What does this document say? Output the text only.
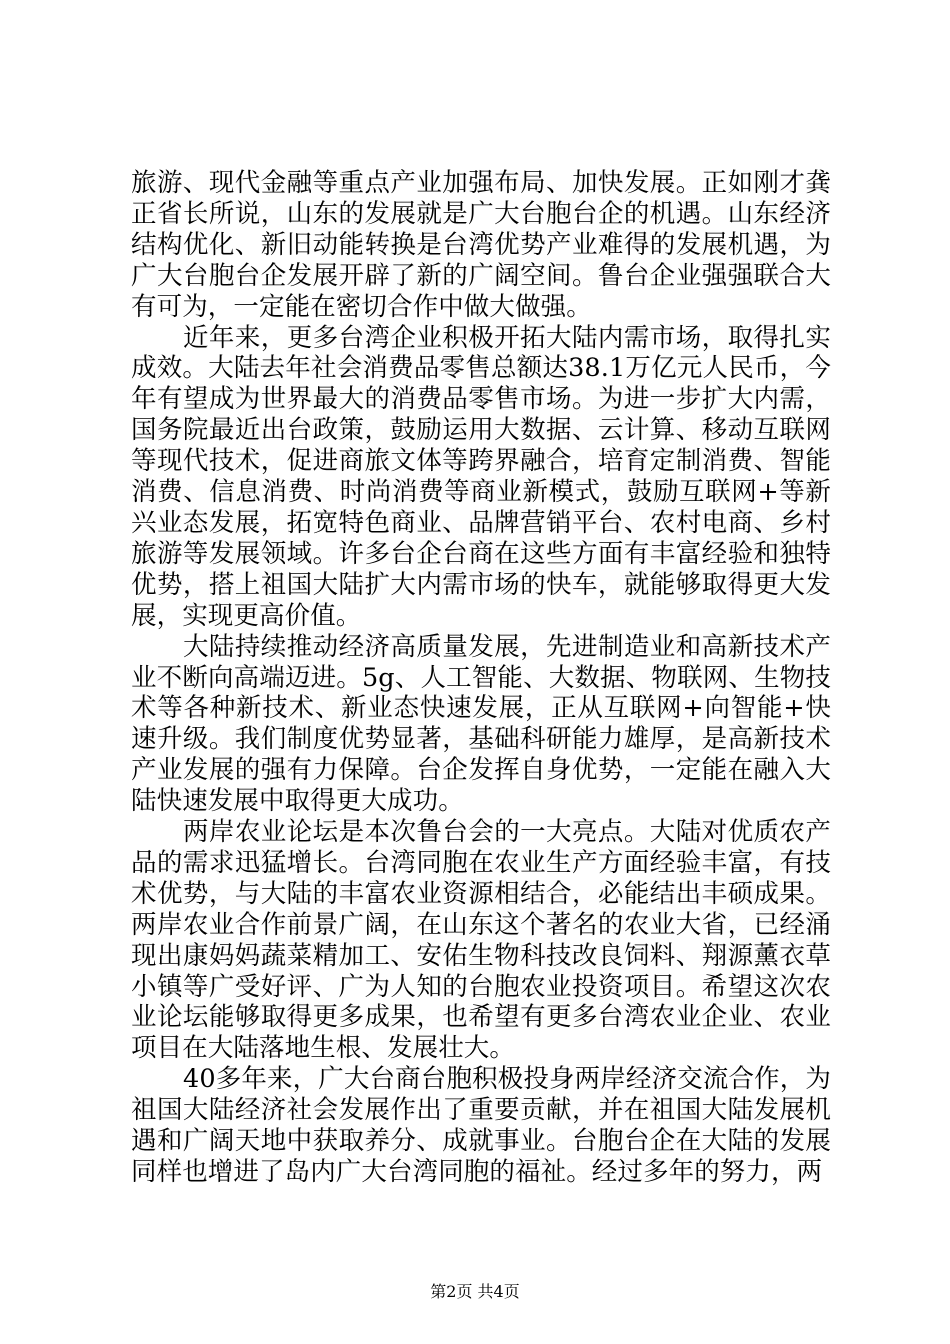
旅游、现代金融等重点产业加强布局、加快发展。正如刚才龚正省长所说，山东的发展就是广大台胞台企的机遇。山东经济结构优化、新旧动能转换是台湾优势产业难得的发展机遇，为广大台胞台企发展开辟了新的广阔空间。鲁台企业强强联合大有可为，一定能在密切合作中做大做强。

近年来，更多台湾企业积极开拓大陆内需市场，取得扎实成效。大陆去年社会消费品零售总额达38.1万亿元人民币，今年有望成为世界最大的消费品零售市场。为进一步扩大内需，国务院最近出台政策，鼓励运用大数据、云计算、移动互联网等现代技术，促进商旅文体等跨界融合，培育定制消费、智能消费、信息消费、时尚消费等商业新模式，鼓励互联网+等新兴业态发展，拓宽特色商业、品牌营销平台、农村电商、乡村旅游等发展领域。许多台企台商在这些方面有丰富经验和独特优势，搭上祖国大陆扩大内需市场的快车，就能够取得更大发展，实现更高价值。

大陆持续推动经济高质量发展，先进制造业和高新技术产业不断向高端迈进。5g、人工智能、大数据、物联网、生物技术等各种新技术、新业态快速发展，正从互联网+向智能+快速升级。我们制度优势显著，基础科研能力雄厚，是高新技术产业发展的强有力保障。台企发挥自身优势，一定能在融入大陆快速发展中取得更大成功。

两岸农业论坛是本次鲁台会的一大亮点。大陆对优质农产品的需求迅猛增长。台湾同胞在农业生产方面经验丰富，有技术优势，与大陆的丰富农业资源相结合，必能结出丰硕成果。两岸农业合作前景广阔，在山东这个著名的农业大省，已经涌现出康妈妈蔬菜精加工、安佑生物科技改良饲料、翔源薰衣草小镇等广受好评、广为人知的台胞农业投资项目。希望这次农业论坛能够取得更多成果，也希望有更多台湾农业企业、农业项目在大陆落地生根、发展壮大。

40多年来，广大台商台胞积极投身两岸经济交流合作，为祖国大陆经济社会发展作出了重要贡献，并在祖国大陆发展机遇和广阔天地中获取养分、成就事业。台胞台企在大陆的发展同样也增进了岛内广大台湾同胞的福祉。经过多年的努力，两

第2页 共4页
